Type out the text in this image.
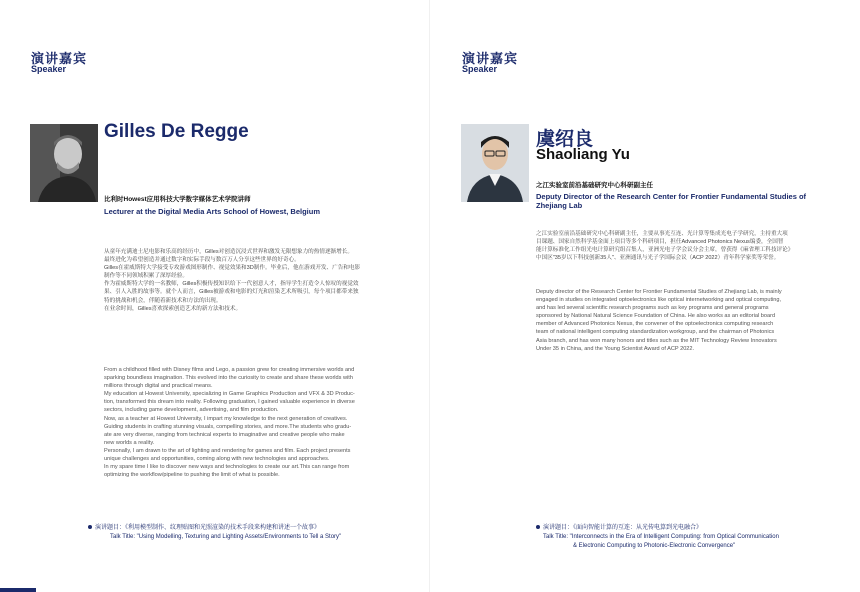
演讲嘉宾
Speaker
Gilles De Regge
比利时Howest应用科技大学数字媒体艺术学院讲师
Lecturer at the Digital Media Arts School of Howest, Belgium
从童年充满迪士尼电影和乐高的经历中，Gilles对创造沉浸式世界和激发无限想象力的热情逐渐增长。
最终进化为希望创造并通过数字和实际手段与数百万人分享这些世界的好奇心。
Gilles在霍威斯特大学接受专攻游戏图形制作、视觉效果和3D制作。毕业后，他在游戏开发、广告和电影
制作等不同领域积累了深厚经验。
作为霍威斯特大学的一名教师，Gilles积极传授知识给下一代创意人才，指导学生打造令人惊叹的视觉效
果、引人入胜的故事等。就个人而言，Gilles被游戏和电影的灯光和渲染艺术所吸引，每个项目都带来独
特的挑战和机会，伴随着新技术和方法的出现。
在业余时间，Gilles喜欢探索创造艺术的新方法和技术。
From a childhood filled with Disney films and Lego, a passion grew for creating immersive worlds and
sparking boundless imagination. This evolved into the curiosity to create and share these worlds with
millions through digital and practical means.
My education at Howest University, specializing in Game Graphics Production and VFX & 3D Produc-
tion, transformed this dream into reality. Following graduation, I gained valuable experience in diverse
sectors, including game development, advertising, and film production.
Now, as a teacher at Howest University, I impart my knowledge to the next generation of creatives.
Guiding students in crafting stunning visuals, compelling stories, and more.The students who gradu-
ate are very diverse, ranging from technical experts to imaginative and creative people who make
new worlds a reality.
Personally, I am drawn to the art of lighting and rendering for games and film. Each project presents
unique challenges and opportunities, coming along with new technologies and approaches.
In my spare time I like to discover new ways and technologies to create our art.This can range from
optimizing the workflow/pipeline to pushing the limit of what is possible.
演讲题目：《利用模型制作、纹理贴图和光照渲染的技术手段来构建和讲述一个故事》
Talk Title: "Using Modelling, Texturing and Lighting Assets/Environments to Tell a Story"
演讲嘉宾
Speaker
虞绍良
Shaoliang Yu
之江实验室前沿基础研究中心科研副主任
Deputy Director of the Research Center for Frontier Fundamental Studies of
Zhejiang Lab
之江实验室前沿基础研究中心科研副主任，主要从事光互连、光计算等集成光电子学研究，主持重大项
目课题、国家自然科学基金面上项目等多个科研项目，担任Advanced Photonics Nexus编委，全国智
能计算标准化工作组光电计算研究组召集人，亚洲光电子学会议分会主席，曾获得《麻省理工科技评论》
中国区"35岁以下科技创新35人"、亚洲通讯与光子学国际会议（ACP 2022）青年科学家奖等荣誉。
Deputy director of the Research Center for Frontier Fundamental Studies of Zhejiang Lab, is mainly
engaged in studies on integrated optoelectronics like optical internetworking and optical computing,
and has led several scientific research programs such as key programs and general programs
sponsored by National Natural Science Foundation of China. He also works as an editorial board
member of Advanced Photonics Nexus, the convener of the optoelectronics computing research
team of national intelligent computing standardization workgroup, and the chairman of Photonics
Asia branch, and has won many honors and titles such as the MIT Technology Review Innovators
Under 35 in China, and the Young Scientist Award of ACP 2022.
演讲题目：《面向智能计算的互连：从光传电算到光电融合》
Talk Title: "Interconnects in the Era of Intelligent Computing: from Optical Communication
& Electronic Computing to Photonic-Electronic Convergence"
